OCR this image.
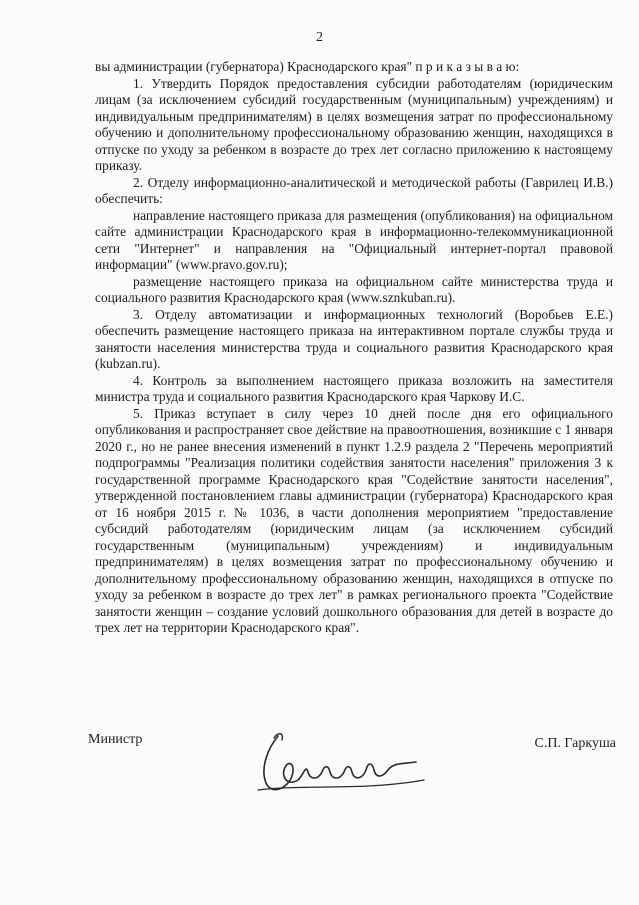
2

вы администрации (губернатора) Краснодарского края" п р и к а з ы в а ю:

1. Утвердить Порядок предоставления субсидии работодателям (юридическим лицам (за исключением субсидий государственным (муниципальным) учреждениям) и индивидуальным предпринимателям) в целях возмещения затрат по профессиональному обучению и дополнительному профессиональному образованию женщин, находящихся в отпуске по уходу за ребенком в возрасте до трех лет согласно приложению к настоящему приказу.

2. Отделу информационно-аналитической и методической работы (Гаврилец И.В.) обеспечить:

направление настоящего приказа для размещения (опубликования) на официальном сайте администрации Краснодарского края в информационно-телекоммуникационной сети "Интернет" и направления на "Официальный интернет-портал правовой информации" (www.pravo.gov.ru);

размещение настоящего приказа на официальном сайте министерства труда и социального развития Краснодарского края (www.sznkuban.ru).

3. Отделу автоматизации и информационных технологий (Воробьев Е.Е.) обеспечить размещение настоящего приказа на интерактивном портале службы труда и занятости населения министерства труда и социального развития Краснодарского края (kubzan.ru).

4. Контроль за выполнением настоящего приказа возложить на заместителя министра труда и социального развития Краснодарского края Чаркову И.С.

5. Приказ вступает в силу через 10 дней после дня его официального опубликования и распространяет свое действие на правоотношения, возникшие с 1 января 2020 г., но не ранее внесения изменений в пункт 1.2.9 раздела 2 "Перечень мероприятий подпрограммы "Реализация политики содействия занятости населения" приложения 3 к государственной программе Краснодарского края "Содействие занятости населения", утвержденной постановлением главы администрации (губернатора) Краснодарского края от 16 ноября 2015 г. № 1036, в части дополнения мероприятием "предоставление субсидий работодателям (юридическим лицам (за исключением субсидий государственным (муниципальным) учреждениям) и индивидуальным предпринимателям) в целях возмещения затрат по профессиональному обучению и дополнительному профессиональному образованию женщин, находящихся в отпуске по уходу за ребенком в возрасте до трех лет" в рамках регионального проекта "Содействие занятости женщин – создание условий дошкольного образования для детей в возрасте до трех лет на территории Краснодарского края".

Министр	С.П. Гаркуша
